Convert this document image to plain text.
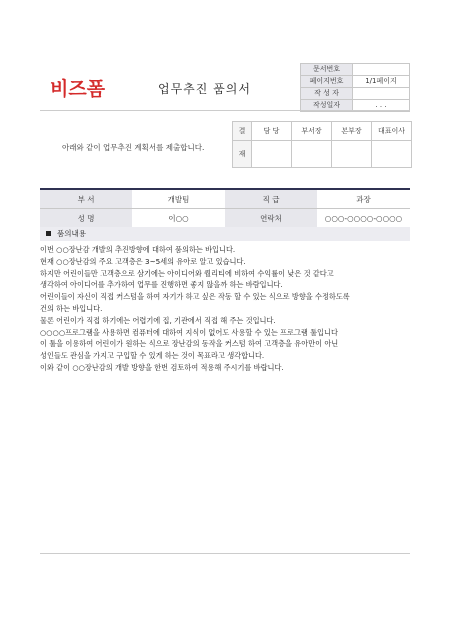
비즈폼	업무추진 품의서
문서번호	
페이지번호	1/1페이지
작 성 자	
작성일자	. . .
아래와 같이 업무추진 계획서를 제출합니다.
결	담 당	부서장	본부장	대표이사
재				
부 서	개발팀	직 급	과장
성 명	이○○	연락처	○○○-○○○○-○○○○
품의내용

이번 ○○장난감 개발의 추진방향에 대하여 품의하는 바입니다.

현재 ○○장난감의 주요 고객층은 3~5세의 유아로 알고 있습니다.

하지만 어린이들만 고객층으로 삼기에는 아이디어와 퀄리티에 비하여 수익률이 낮은 것 같다고

생각하여 아이디어를 추가하여 업무를 진행하면 좋지 않을까 하는 바람입니다.

어린이들이 자신이 직접 커스텀을 하여 자기가 하고 싶은 작동 할 수 있는 식으로 방향을 수정하도록

건의 하는 바입니다.

물론 어린이가 직접 하기에는 어렵기에 집, 기관에서 직접 해 주는 것입니다.

○○○○프로그램을 사용하면 컴퓨터에 대하여 지식이 없어도 사용할 수 있는 프로그램 툴입니다

이 툴을 이용하여 어린이가 원하는 식으로 장난감의 동작을 커스텀 하여 고객층을 유아만이 아닌

성인들도 관심을 가지고 구입할 수 있게 하는 것이 목표라고 생각합니다.

이와 같이 ○○장난감의 개발 방향을 한번 검토하여 적용해 주시기를 바랍니다.
